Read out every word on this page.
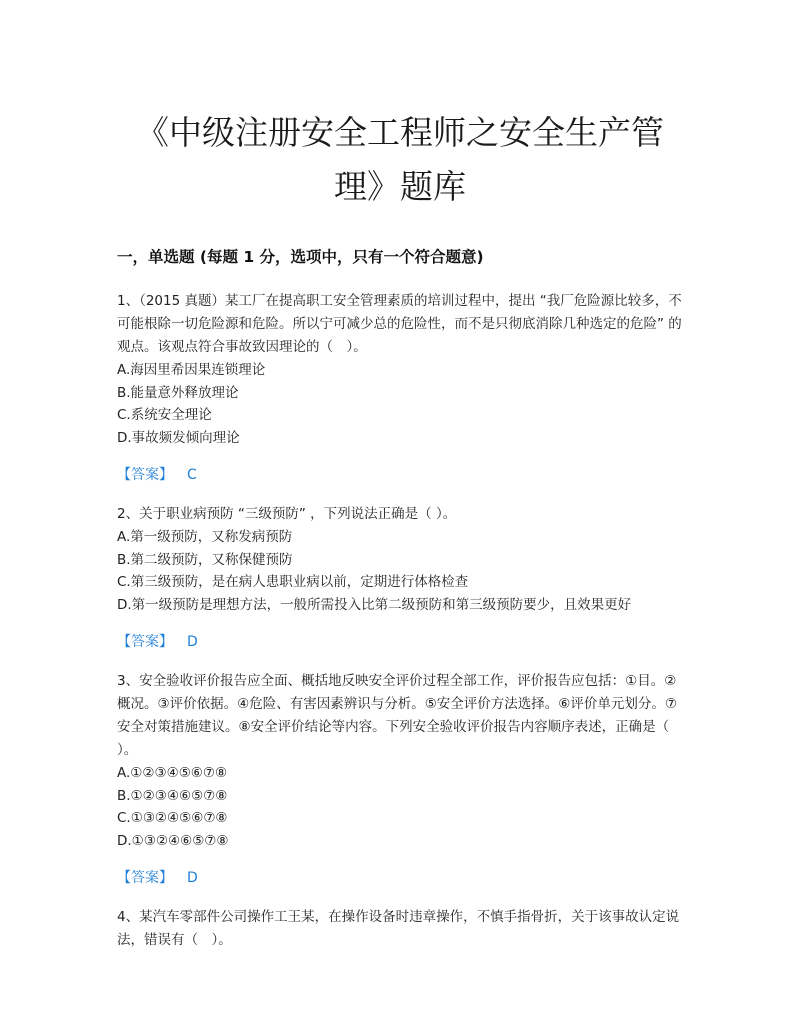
《中级注册安全工程师之安全生产管
理》题库
一，单选题 (每题 1 分，选项中，只有一个符合题意)

1、（2015 真题）某工厂在提高职工安全管理素质的培训过程中，提出 “我厂危险源比较多，不可能根除一切危险源和危险。所以宁可减少总的危险性，而不是只彻底消除几种选定的危险” 的观点。该观点符合事故致因理论的（　）。

A.海因里希因果连锁理论
B.能量意外释放理论
C.系统安全理论
D.事故频发倾向理论

【答案】 C

2、关于职业病预防 “三级预防” ，下列说法正确是（ ）。

A.第一级预防，又称发病预防
B.第二级预防，又称保健预防
C.第三级预防，是在病人患职业病以前，定期进行体格检查
D.第一级预防是理想方法，一般所需投入比第二级预防和第三级预防要少，且效果更好

【答案】 D

3、安全验收评价报告应全面、概括地反映安全评价过程全部工作，评价报告应包括：①目。②概况。③评价依据。④危险、有害因素辨识与分析。⑤安全评价方法选择。⑥评价单元划分。⑦安全对策措施建议。⑧安全评价结论等内容。下列安全验收评价报告内容顺序表述，正确是（ ）。

A.①②③④⑤⑥⑦⑧
B.①②③④⑥⑤⑦⑧
C.①③②④⑤⑥⑦⑧
D.①③②④⑥⑤⑦⑧

【答案】 D

4、某汽车零部件公司操作工王某，在操作设备时违章操作，不慎手指骨折，关于该事故认定说法，错误有（　）。
